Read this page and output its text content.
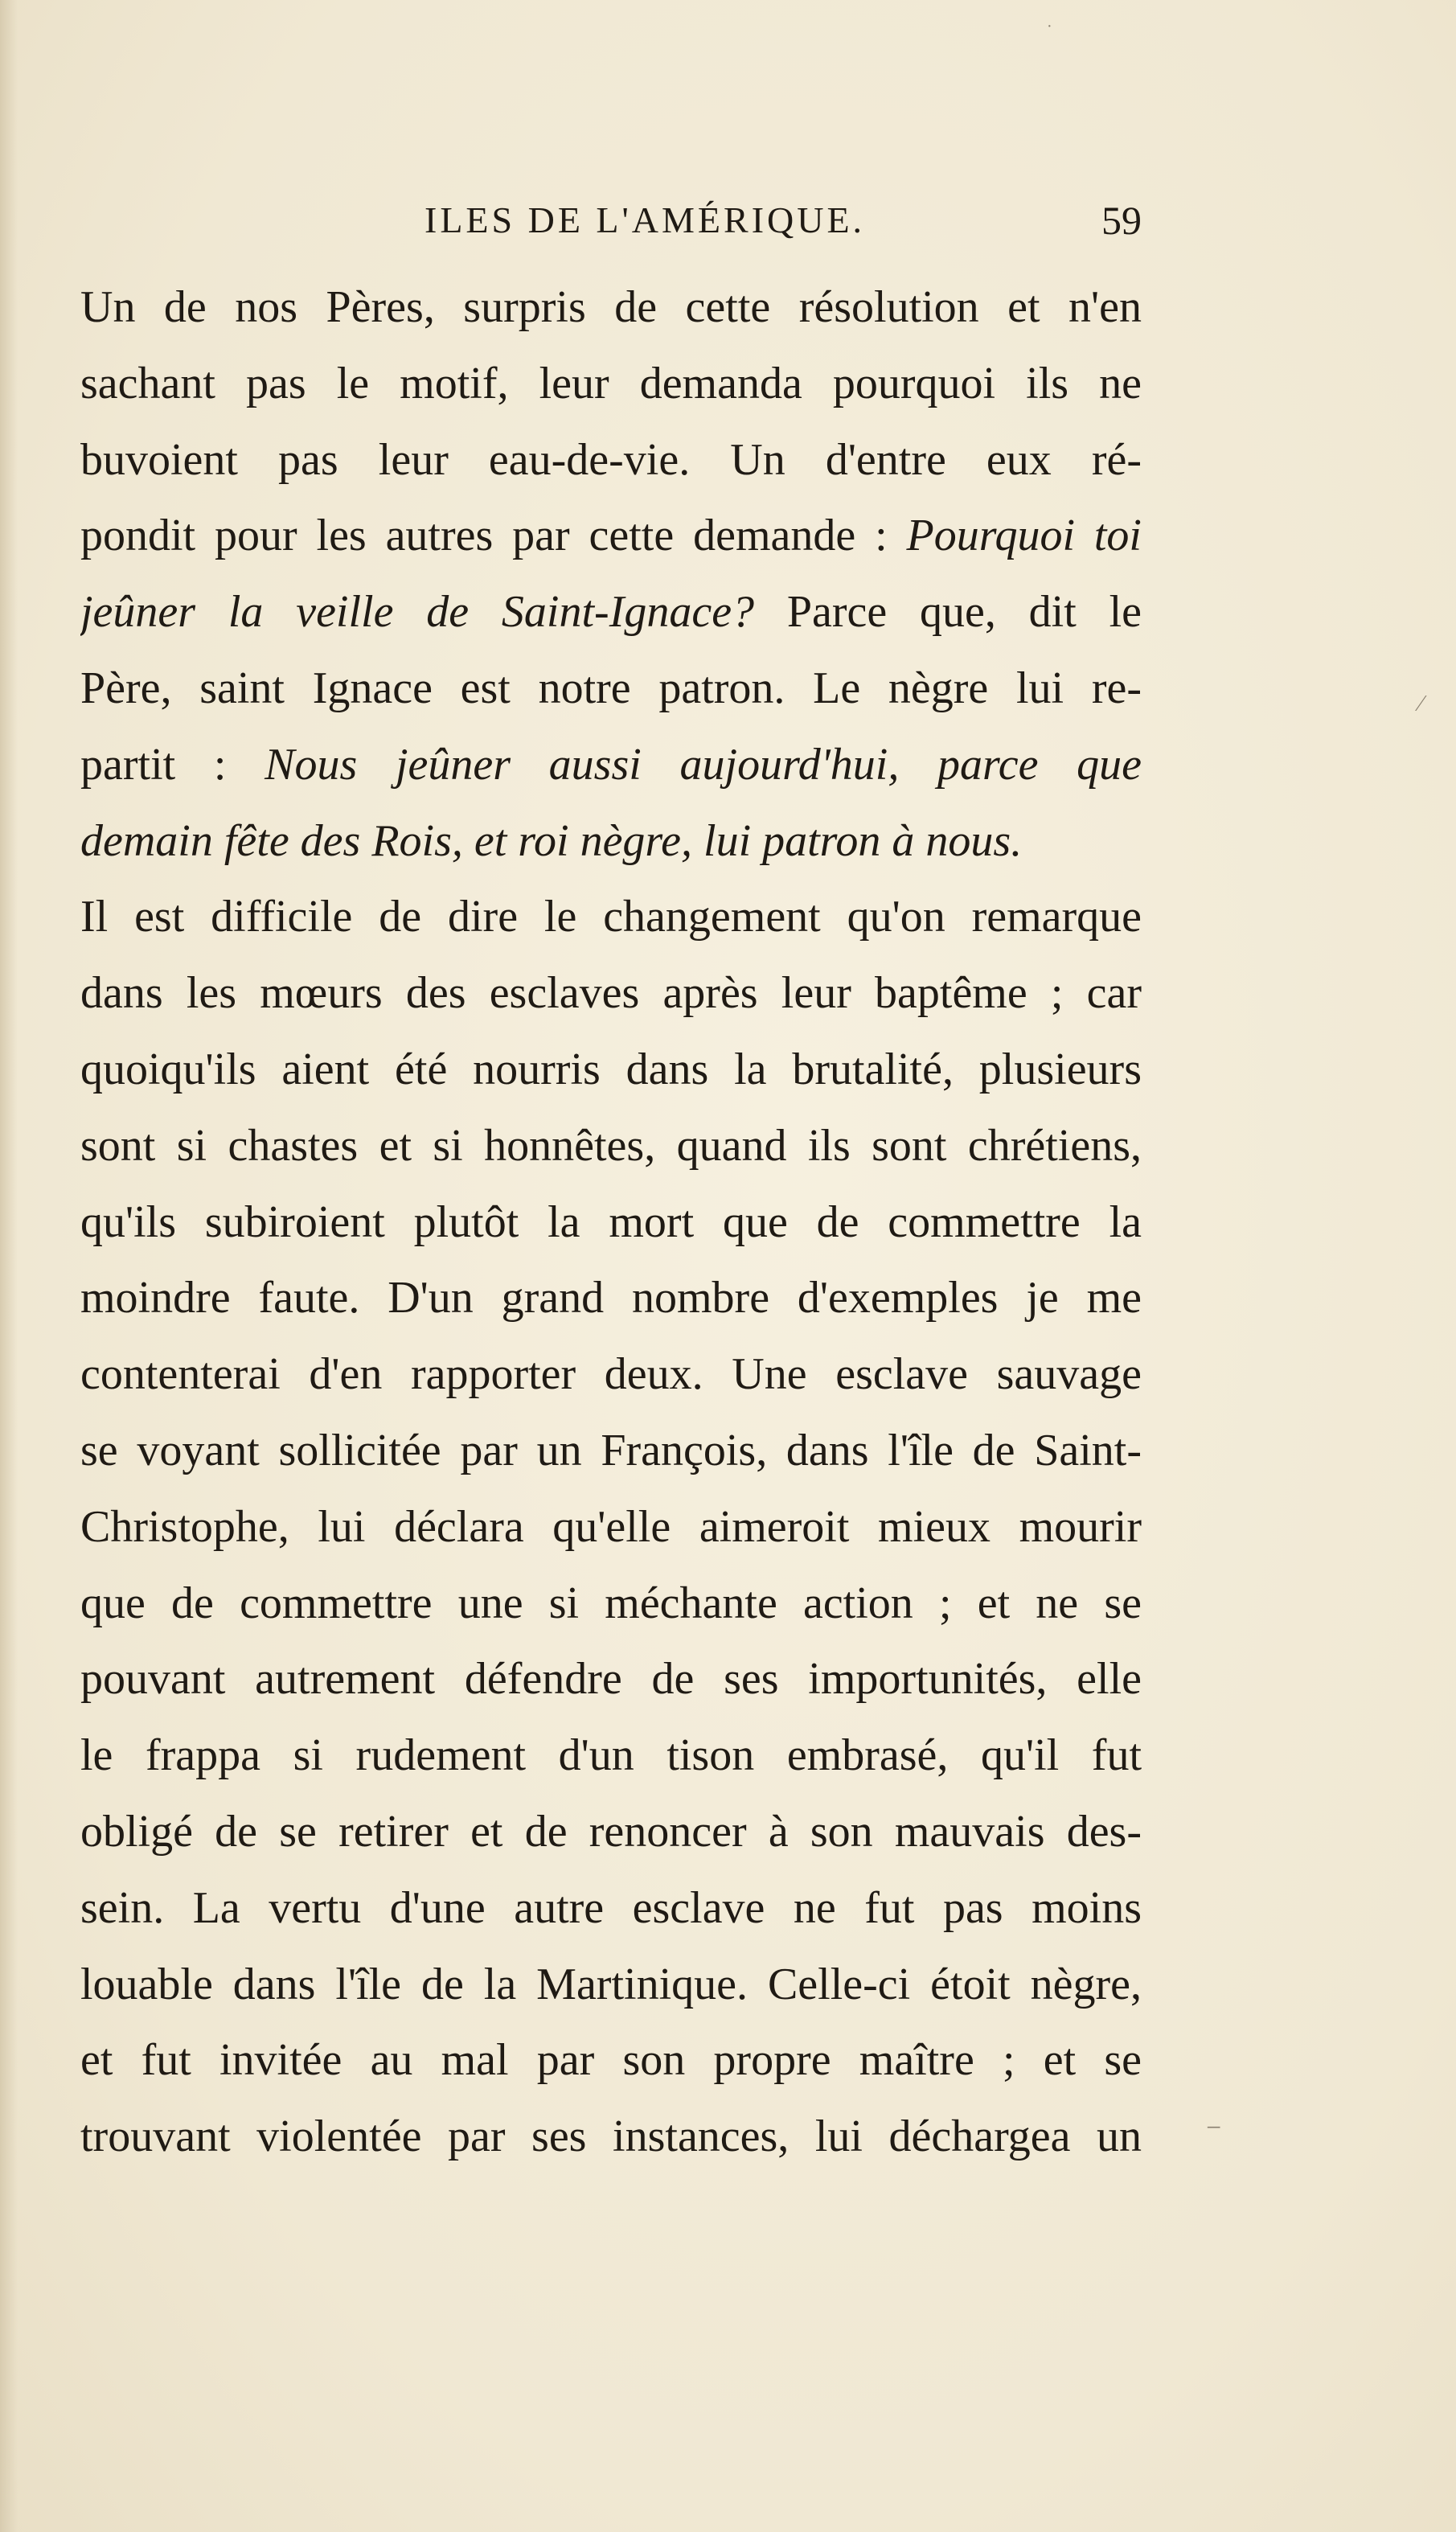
ILES DE L'AMÉRIQUE.	59
Un de nos Pères, surpris de cette résolution et n'en
sachant pas le motif, leur demanda pourquoi ils ne
buvoient pas leur eau-de-vie. Un d'entre eux ré-
pondit pour les autres par cette demande : Pourquoi toi
jeûner la veille de Saint-Ignace? Parce que, dit le
Père, saint Ignace est notre patron. Le nègre lui re-
partit : Nous jeûner aussi aujourd'hui, parce que
demain fête des Rois, et roi nègre, lui patron à nous.
Il est difficile de dire le changement qu'on remarque
dans les mœurs des esclaves après leur baptême ; car
quoiqu'ils aient été nourris dans la brutalité, plusieurs
sont si chastes et si honnêtes, quand ils sont chrétiens,
qu'ils subiroient plutôt la mort que de commettre la
moindre faute. D'un grand nombre d'exemples je me
contenterai d'en rapporter deux. Une esclave sauvage
se voyant sollicitée par un François, dans l'île de Saint-
Christophe, lui déclara qu'elle aimeroit mieux mourir
que de commettre une si méchante action ; et ne se
pouvant autrement défendre de ses importunités, elle
le frappa si rudement d'un tison embrasé, qu'il fut
obligé de se retirer et de renoncer à son mauvais des-
sein. La vertu d'une autre esclave ne fut pas moins
louable dans l'île de la Martinique. Celle-ci étoit nègre,
et fut invitée au mal par son propre maître ; et se
trouvant violentée par ses instances, lui déchargea un
·
⁄
‾
